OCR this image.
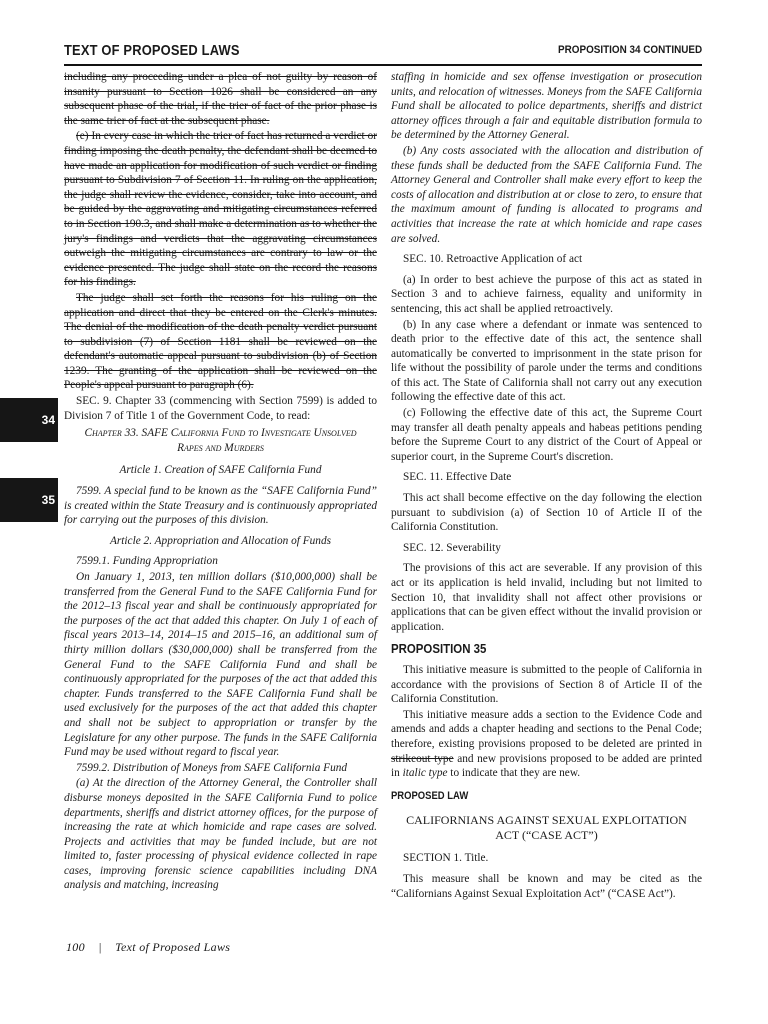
TEXT OF PROPOSED LAWS	PROPOSITION 34 CONTINUED
34
35

including any proceeding under a plea of not guilty by reason of insanity pursuant to Section 1026 shall be considered an any subsequent phase of the trial, if the trier of fact of the prior phase is the same trier of fact at the subsequent phase.

(e) In every case in which the trier of fact has returned a verdict or finding imposing the death penalty, the defendant shall be deemed to have made an application for modification of such verdict or finding pursuant to Subdivision 7 of Section 11. In ruling on the application, the judge shall review the evidence, consider, take into account, and be guided by the aggravating and mitigating circumstances referred to in Section 190.3, and shall make a determination as to whether the jury's findings and verdicts that the aggravating circumstances outweigh the mitigating circumstances are contrary to law or the evidence presented. The judge shall state on the record the reasons for his findings.

The judge shall set forth the reasons for his ruling on the application and direct that they be entered on the Clerk's minutes. The denial of the modification of the death penalty verdict pursuant to subdivision (7) of Section 1181 shall be reviewed on the defendant's automatic appeal pursuant to subdivision (b) of Section 1239. The granting of the application shall be reviewed on the People's appeal pursuant to paragraph (6).

SEC. 9. Chapter 33 (commencing with Section 7599) is added to Division 7 of Title 1 of the Government Code, to read:

Chapter 33. SAFE California Fund to Investigate Unsolved Rapes and Murders

Article 1. Creation of SAFE California Fund

7599. A special fund to be known as the “SAFE California Fund” is created within the State Treasury and is continuously appropriated for carrying out the purposes of this division.

Article 2. Appropriation and Allocation of Funds

7599.1. Funding Appropriation

On January 1, 2013, ten million dollars ($10,000,000) shall be transferred from the General Fund to the SAFE California Fund for the 2012–13 fiscal year and shall be continuously appropriated for the purposes of the act that added this chapter. On July 1 of each of fiscal years 2013–14, 2014–15 and 2015–16, an additional sum of thirty million dollars ($30,000,000) shall be transferred from the General Fund to the SAFE California Fund and shall be continuously appropriated for the purposes of the act that added this chapter. Funds transferred to the SAFE California Fund shall be used exclusively for the purposes of the act that added this chapter and shall not be subject to appropriation or transfer by the Legislature for any other purpose. The funds in the SAFE California Fund may be used without regard to fiscal year.

7599.2. Distribution of Moneys from SAFE California Fund

(a) At the direction of the Attorney General, the Controller shall disburse moneys deposited in the SAFE California Fund to police departments, sheriffs and district attorney offices, for the purpose of increasing the rate at which homicide and rape cases are solved. Projects and activities that may be funded include, but are not limited to, faster processing of physical evidence collected in rape cases, improving forensic science capabilities including DNA analysis and matching, increasing

staffing in homicide and sex offense investigation or prosecution units, and relocation of witnesses. Moneys from the SAFE California Fund shall be allocated to police departments, sheriffs and district attorney offices through a fair and equitable distribution formula to be determined by the Attorney General.

(b) Any costs associated with the allocation and distribution of these funds shall be deducted from the SAFE California Fund. The Attorney General and Controller shall make every effort to keep the costs of allocation and distribution at or close to zero, to ensure that the maximum amount of funding is allocated to programs and activities that increase the rate at which homicide and rape cases are solved.

SEC. 10. Retroactive Application of act

(a) In order to best achieve the purpose of this act as stated in Section 3 and to achieve fairness, equality and uniformity in sentencing, this act shall be applied retroactively.

(b) In any case where a defendant or inmate was sentenced to death prior to the effective date of this act, the sentence shall automatically be converted to imprisonment in the state prison for life without the possibility of parole under the terms and conditions of this act. The State of California shall not carry out any execution following the effective date of this act.

(c) Following the effective date of this act, the Supreme Court may transfer all death penalty appeals and habeas petitions pending before the Supreme Court to any district of the Court of Appeal or superior court, in the Supreme Court's discretion.

SEC. 11. Effective Date

This act shall become effective on the day following the election pursuant to subdivision (a) of Section 10 of Article II of the California Constitution.

SEC. 12. Severability

The provisions of this act are severable. If any provision of this act or its application is held invalid, including but not limited to Section 10, that invalidity shall not affect other provisions or applications that can be given effect without the invalid provision or application.

PROPOSITION 35

This initiative measure is submitted to the people of California in accordance with the provisions of Section 8 of Article II of the California Constitution.

This initiative measure adds a section to the Evidence Code and amends and adds a chapter heading and sections to the Penal Code; therefore, existing provisions proposed to be deleted are printed in strikeout type and new provisions proposed to be added are printed in italic type to indicate that they are new.

PROPOSED LAW
CALIFORNIANS AGAINST SEXUAL EXPLOITATION
ACT (“CASE ACT”)

SECTION 1. Title.

This measure shall be known and may be cited as the “Californians Against Sexual Exploitation Act” (“CASE Act”).

100 | Text of Proposed Laws
